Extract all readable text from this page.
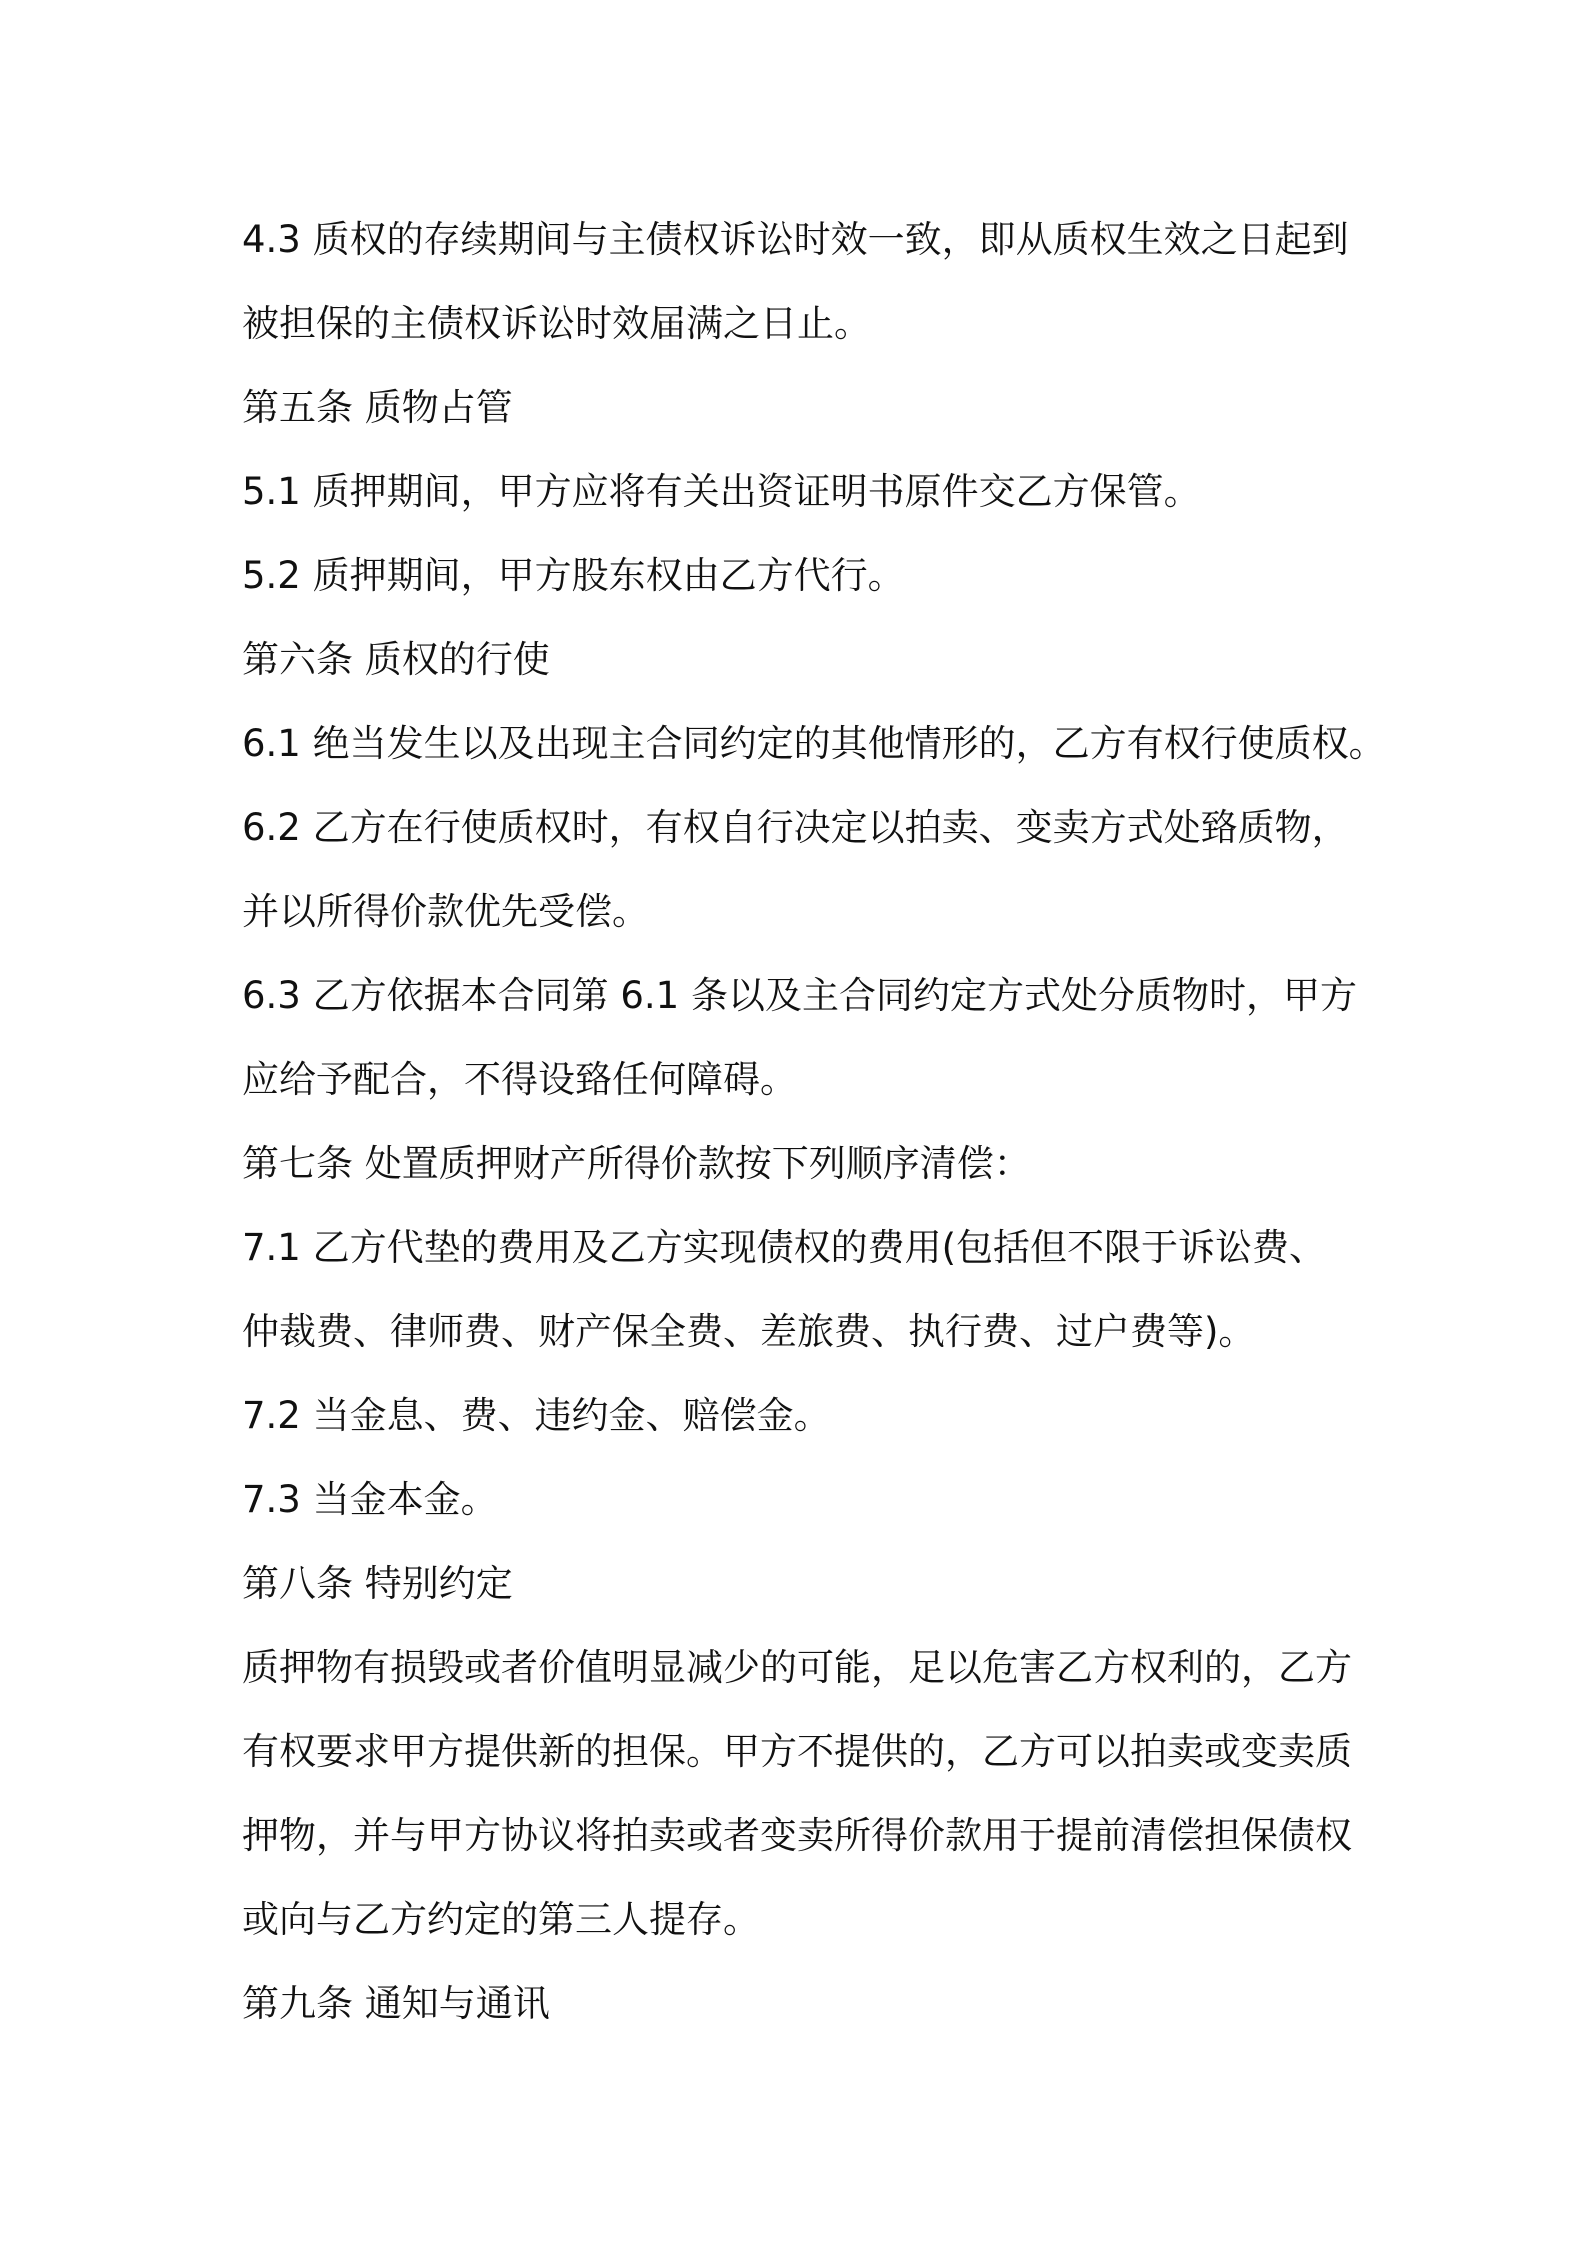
4.3 质权的存续期间与主债权诉讼时效一致，即从质权生效之日起到
被担保的主债权诉讼时效届满之日止。
第五条 质物占管
5.1 质押期间，甲方应将有关出资证明书原件交乙方保管。
5.2 质押期间，甲方股东权由乙方代行。
第六条 质权的行使
6.1 绝当发生以及出现主合同约定的其他情形的，乙方有权行使质权。
6.2 乙方在行使质权时，有权自行决定以拍卖、变卖方式处臵质物，
并以所得价款优先受偿。
6.3 乙方依据本合同第 6.1 条以及主合同约定方式处分质物时，甲方
应给予配合，不得设臵任何障碍。
第七条 处置质押财产所得价款按下列顺序清偿：
7.1 乙方代垫的费用及乙方实现债权的费用(包括但不限于诉讼费、
仲裁费、律师费、财产保全费、差旅费、执行费、过户费等)。
7.2 当金息、费、违约金、赔偿金。
7.3 当金本金。
第八条 特别约定
质押物有损毁或者价值明显减少的可能，足以危害乙方权利的，乙方
有权要求甲方提供新的担保。甲方不提供的，乙方可以拍卖或变卖质
押物，并与甲方协议将拍卖或者变卖所得价款用于提前清偿担保债权
或向与乙方约定的第三人提存。
第九条 通知与通讯
